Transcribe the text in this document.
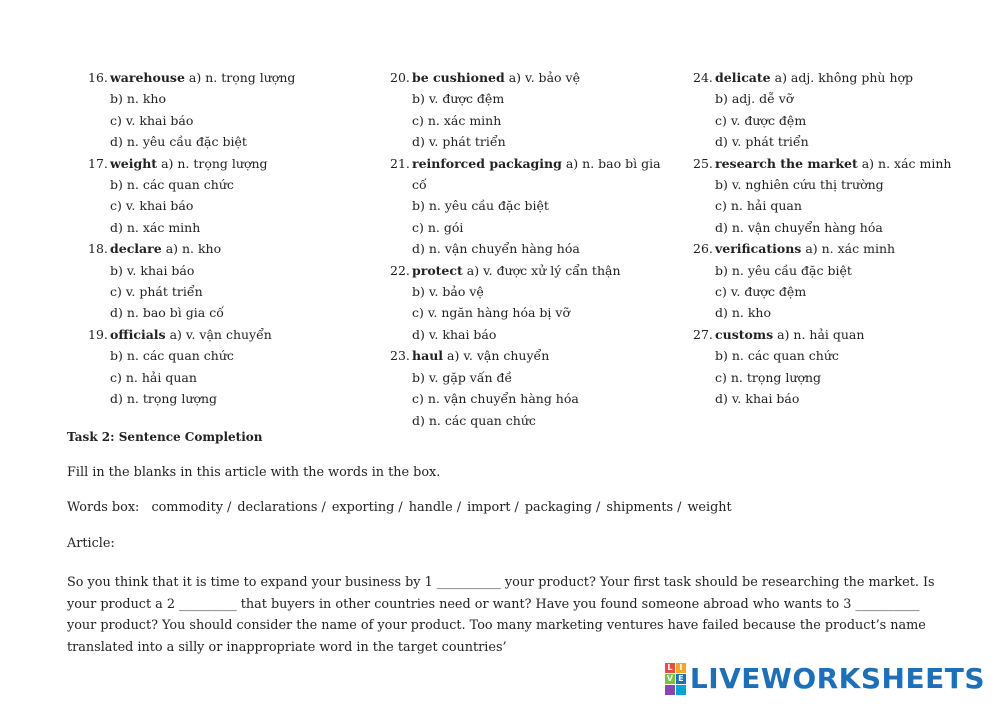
16. warehouse a) n. trọng lượng
b) n. kho
c) v. khai báo
d) n. yêu cầu đặc biệt
17. weight a) n. trọng lượng
b) n. các quan chức
c) v. khai báo
d) n. xác minh
18. declare a) n. kho
b) v. khai báo
c) v. phát triển
d) n. bao bì gia cố
19. officials a) v. vận chuyển
b) n. các quan chức
c) n. hải quan
d) n. trọng lượng
20. be cushioned a) v. bảo vệ
b) v. được đệm
c) n. xác minh
d) v. phát triển
21. reinforced packaging a) n. bao bì gia cố
b) n. yêu cầu đặc biệt
c) n. gói
d) n. vận chuyển hàng hóa
22. protect a) v. được xử lý cẩn thận
b) v. bảo vệ
c) v. ngăn hàng hóa bị vỡ
d) v. khai báo
23. haul a) v. vận chuyển
b) v. gặp vấn đề
c) n. vận chuyển hàng hóa
d) n. các quan chức
24. delicate a) adj. không phù hợp
b) adj. dễ vỡ
c) v. được đệm
d) v. phát triển
25. research the market a) n. xác minh
b) v. nghiên cứu thị trường
c) n. hải quan
d) n. vận chuyển hàng hóa
26. verifications a) n. xác minh
b) n. yêu cầu đặc biệt
c) v. được đệm
d) n. kho
27. customs a) n. hải quan
b) n. các quan chức
c) n. trọng lượng
d) v. khai báo
Task 2: Sentence Completion
Fill in the blanks in this article with the words in the box.
Words box: commodity / declarations / exporting / handle / import / packaging / shipments / weight
Article:
So you think that it is time to expand your business by 1 __________ your product? Your first task should be researching the market. Is your product a 2 _________ that buyers in other countries need or want? Have you found someone abroad who wants to 3 __________ your product? You should consider the name of your product. Too many marketing ventures have failed because the product’s name translated into a silly or inappropriate word in the target countries’
L I
V E LIVEWORKSHEETS
